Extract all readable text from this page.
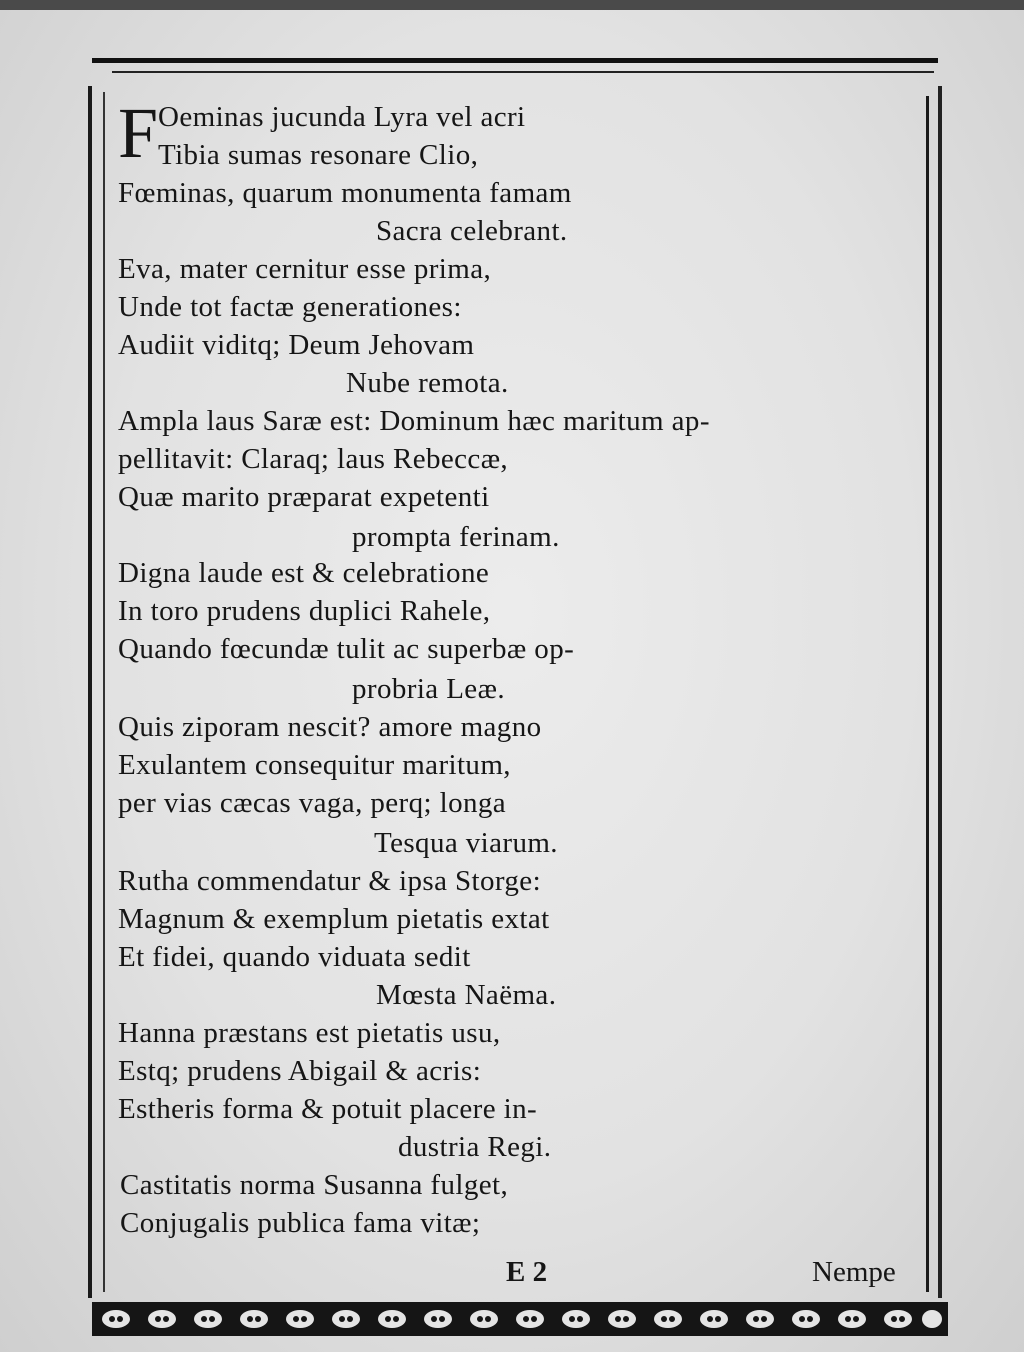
F Oeminas jucunda Lyra vel acri
Tibia sumas resonare Clio,
Fœminas, quarum monumenta famam
Sacra celebrant.
Eva, mater cernitur esse prima,
Unde tot factæ generationes:
Audiit viditq; Deum Jehovam
Nube remota.
Ampla laus Saræ est: Dominum hæc maritum ap-
pellitavit: Claraq; laus Rebeccæ,
Quæ marito præparat expetenti
prompta ferinam.
Digna laude est & celebratione
In toro prudens duplici Rahele,
Quando fœcundæ tulit ac superbæ op-
probria Leæ.
Quis ziporam nescit? amore magno
Exulantem consequitur maritum,
per vias cæcas vaga, perq; longa
Tesqua viarum.
Rutha commendatur & ipsa Storge:
Magnum & exemplum pietatis extat
Et fidei, quando viduata sedit
Mœsta Naëma.
Hanna præstans est pietatis usu,
Estq; prudens Abigail & acris:
Estheris forma & potuit placere in-
dustria Regi.
Castitatis norma Susanna fulget,
Conjugalis publica fama vitæ;
E 2	Nempe
